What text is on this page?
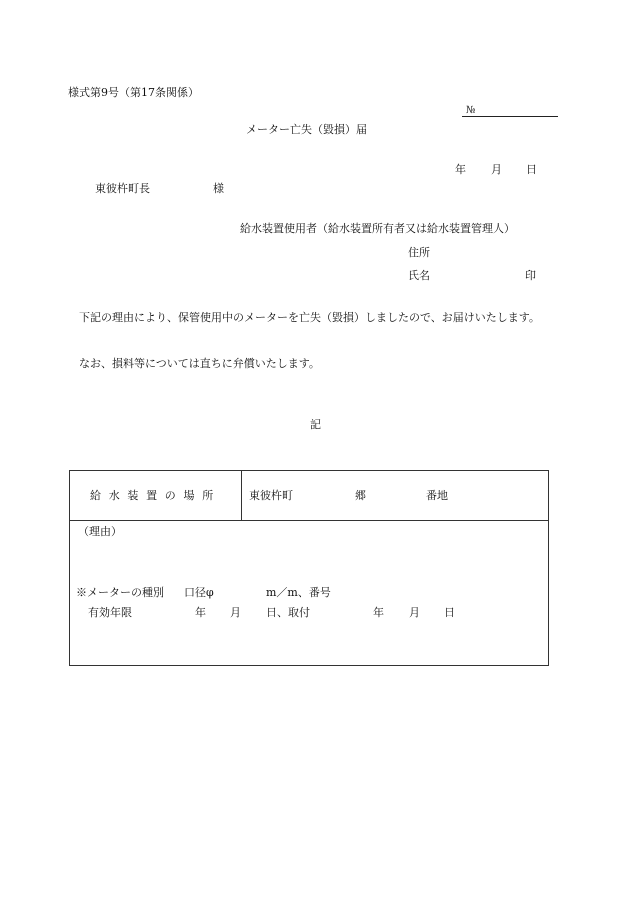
様式第9号（第17条関係）
№
メーター亡失（毀損）届
年 月 日
東彼杵町長	様
給水装置使用者（給水装置所有者又は給水装置管理人）
住所
氏名	印
下記の理由により、保管使用中のメーターを亡失（毀損）しましたので、お届けいたします。
なお、損料等については直ちに弁償いたします。
記
給水装置の場所	東彼杵町	郷	番地
（理由）
※メーターの種別 口径φ	m／m、番号
有効年限	年 月 日、取付	年 月 日
